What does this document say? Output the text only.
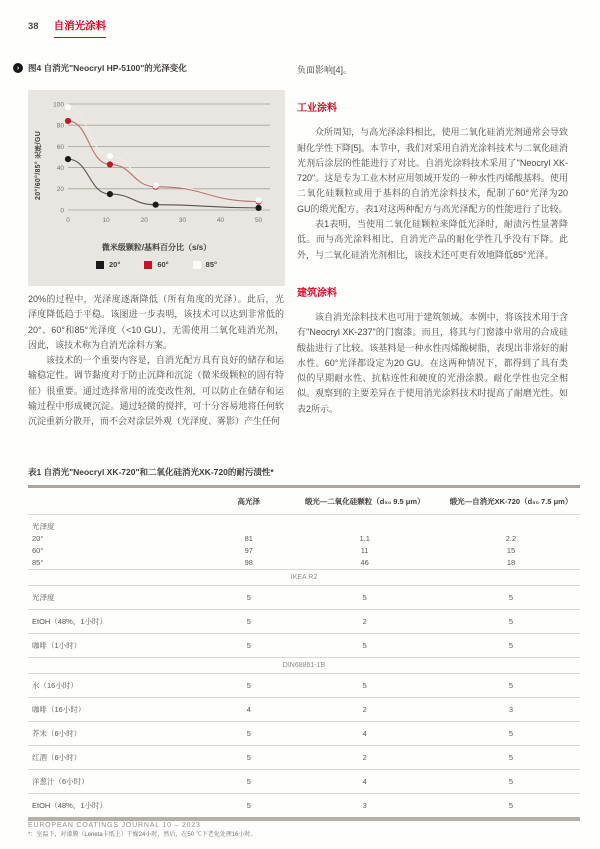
38 自消光涂料
›	图4 自消光"Neocryl HP-5100"的光泽变化
20°/60°/85° 光泽/GU
0
20
40
60
80
100
0	10	20	30	40	50
微米级颗粒/基料百分比（s/s）
20°	60°	85°

20%的过程中，光泽度逐渐降低（所有角度的光泽）。此后，光泽度降低趋于平稳。该图进一步表明，该技术可以达到非常低的20°、60°和85°光泽度（<10 GU），无需使用二氧化硅消光剂，因此，该技术称为自消光涂料方案。

该技术的一个重要内容是，自消光配方具有良好的储存和运输稳定性。调节黏度对于防止沉降和沉淀（微米级颗粒的固有特征）很重要。通过选择常用的流变改性剂，可以防止在储存和运输过程中形成硬沉淀。通过轻微的搅拌，可十分容易地将任何软沉淀重新分散开，而不会对涂层外观（光泽度、雾影）产生任何

负面影响[4]。

工业涂料

众所周知，与高光泽涂料相比，使用二氧化硅消光剂通常会导致耐化学性下降[5]。本节中，我们对采用自消光涂料技术与二氧化硅消光剂后涂层的性能进行了对比。自消光涂料技术采用了"Neocryl XK-720"。这是专为工业木材应用领域开发的一种水性丙烯酸基料。使用二氧化硅颗粒或用于基料的自消光涂料技术，配制了60°光泽为20 GU的缎光配方。表1对这两种配方与高光泽配方的性能进行了比较。

表1表明，当使用二氧化硅颗粒来降低光泽时，耐渍污性显著降低。而与高光涂料相比，自消光产品的耐化学性几乎没有下降。此外，与二氧化硅消光剂相比，该技术还可更有效地降低85°光泽。

建筑涂料

该自消光涂料技术也可用于建筑领域。本例中，将该技术用于含有"Neocryl XK-237"的门窗漆。而且，将其与门窗漆中常用的合成硅酸盐进行了比较。该基料是一种水性丙烯酸树脂，表现出非常好的耐水性。60°光泽都设定为20 GU。在这两种情况下，都得到了具有类似的早期耐水性、抗粘连性和硬度的光滑涂膜。耐化学性也完全相似。观察到的主要差异在于使用消光涂料技术时提高了耐磨光性。如表2所示。

表1 自消光"Neocryl XK-720"和二氧化硅消光XK-720的耐污渍性*
	高光泽	缎光—二氧化硅颗粒（d₅₀ 9.5 μm）	缎光—自消光XK-720（d₅₀ 7.5 μm）
光泽度			
20°	81	1.1	2.2
60°	97	11	15
85°	98	46	18
IKEA R2			
光泽度	5	5	5
EtOH（48%、1小时）	5	2	5
咖啡（1小时）	5	5	5
DIN68861-1B			
水（16小时）	5	5	5
咖啡（16小时）	4	2	3
芥末（6小时）	5	4	5
红酒（6小时）	5	2	5
洋葱汁（6小时）	5	4	5
EtOH（48%、1小时）	5	3	5
*：室温下，对漆膜（Leneta卡纸上）干燥24小时，然后，在50 ℃下老化处理16小时。
EUROPEAN COATINGS JOURNAL 10 – 2023
